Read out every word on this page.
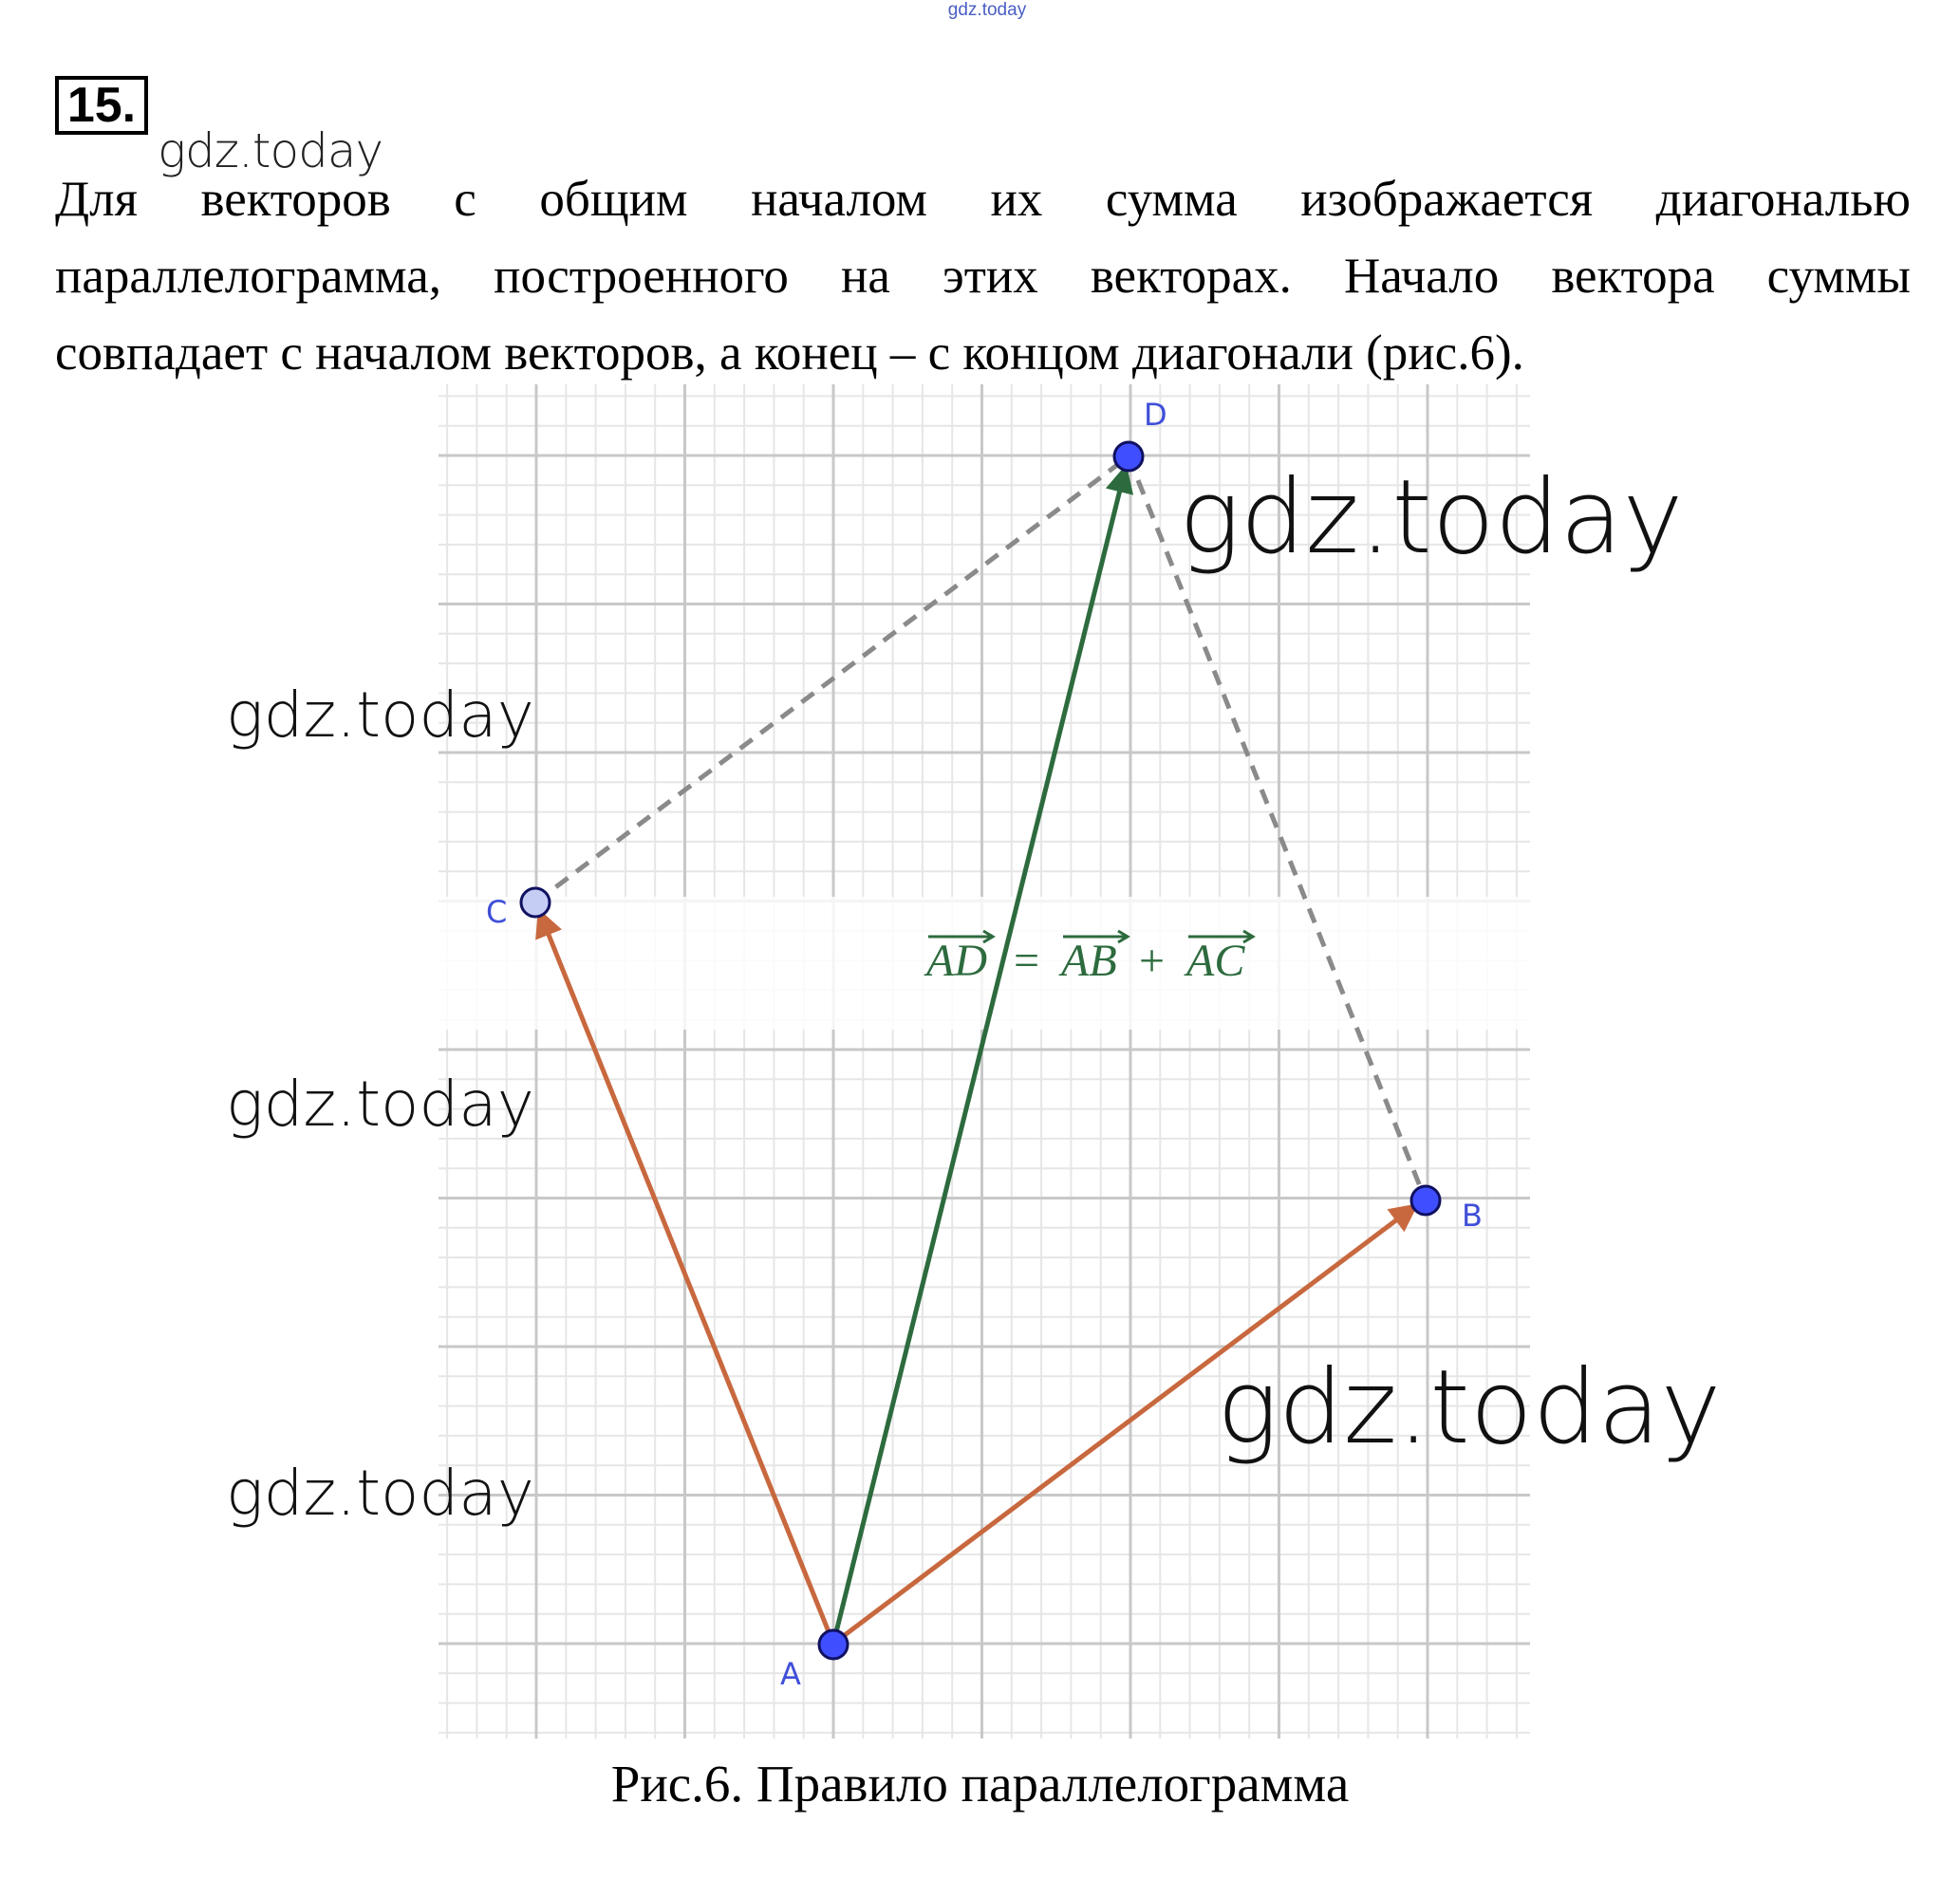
gdz.today
15.
Для векторов с общим началом их сумма изображается диагональю
параллелограмма, построенного на этих векторах. Начало вектора суммы
совпадает с началом векторов, а конец – с концом диагонали (рис.6).
gdz.today
A
B
C
D
AD = AB + AC
gdz.today
gdz.today
gdz.today
gdz.today
gdz.today
Рис.6. Правило параллелограмма
